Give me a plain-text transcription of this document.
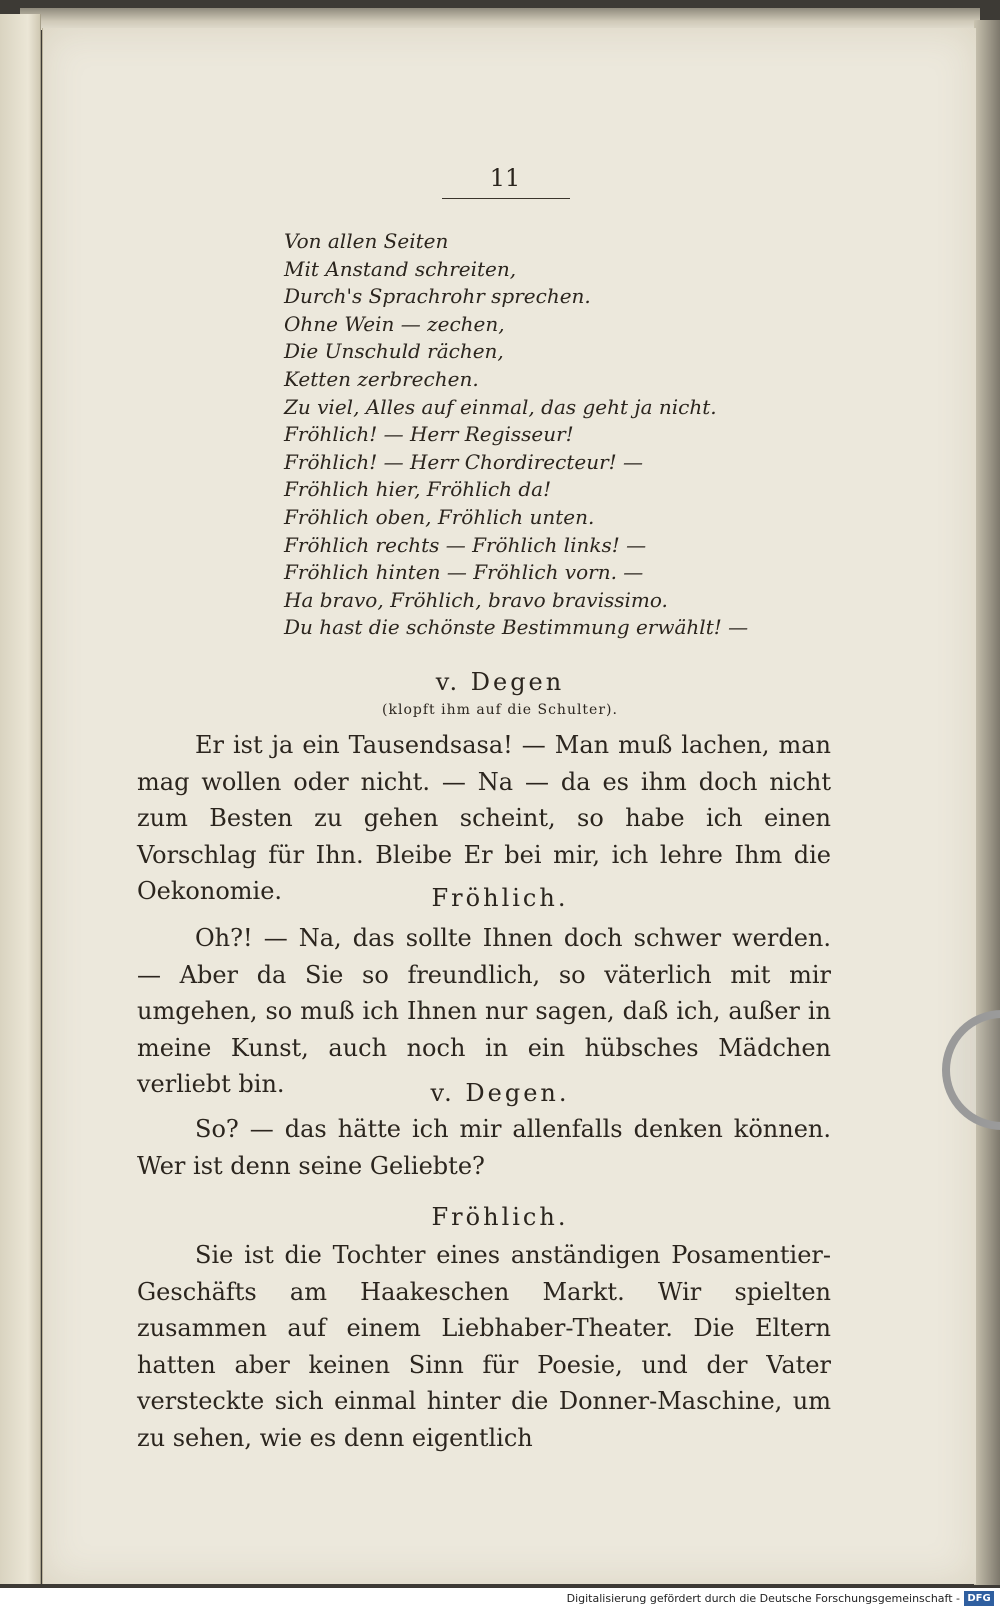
11
Von allen Seiten
Mit Anstand schreiten,
Durch's Sprachrohr sprechen.
Ohne Wein — zechen,
Die Unschuld rächen,
Ketten zerbrechen.
Zu viel, Alles auf einmal, das geht ja nicht.
Fröhlich! — Herr Regisseur!
Fröhlich! — Herr Chordirecteur! —
Fröhlich hier, Fröhlich da!
Fröhlich oben, Fröhlich unten.
Fröhlich rechts — Fröhlich links! —
Fröhlich hinten — Fröhlich vorn. —
Ha bravo, Fröhlich, bravo bravissimo.
Du hast die schönste Bestimmung erwählt! —
v. Degen
(klopft ihm auf die Schulter).
Er ist ja ein Tausendsasa! — Man muß lachen, man mag wollen oder nicht. — Na — da es ihm doch nicht zum Besten zu gehen scheint, so habe ich einen Vorschlag für Ihn. Bleibe Er bei mir, ich lehre Ihm die Oekonomie.	Fröhlich.
Oh?! — Na, das sollte Ihnen doch schwer werden. — Aber da Sie so freundlich, so väterlich mit mir umgehen, so muß ich Ihnen nur sagen, daß ich, außer in meine Kunst, auch noch in ein hübsches Mädchen verliebt bin.	v. Degen.
So? — das hätte ich mir allenfalls denken können. Wer ist denn seine Geliebte?
Fröhlich.
Sie ist die Tochter eines anständigen Posamentier-Geschäfts am Haakeschen Markt. Wir spielten zusammen auf einem Liebhaber-Theater. Die Eltern hatten aber keinen Sinn für Poesie, und der Vater versteckte sich einmal hinter die Donner-Maschine, um zu sehen, wie es denn eigentlich
Digitalisierung gefördert durch die Deutsche Forschungsgemeinschaft - DFG
